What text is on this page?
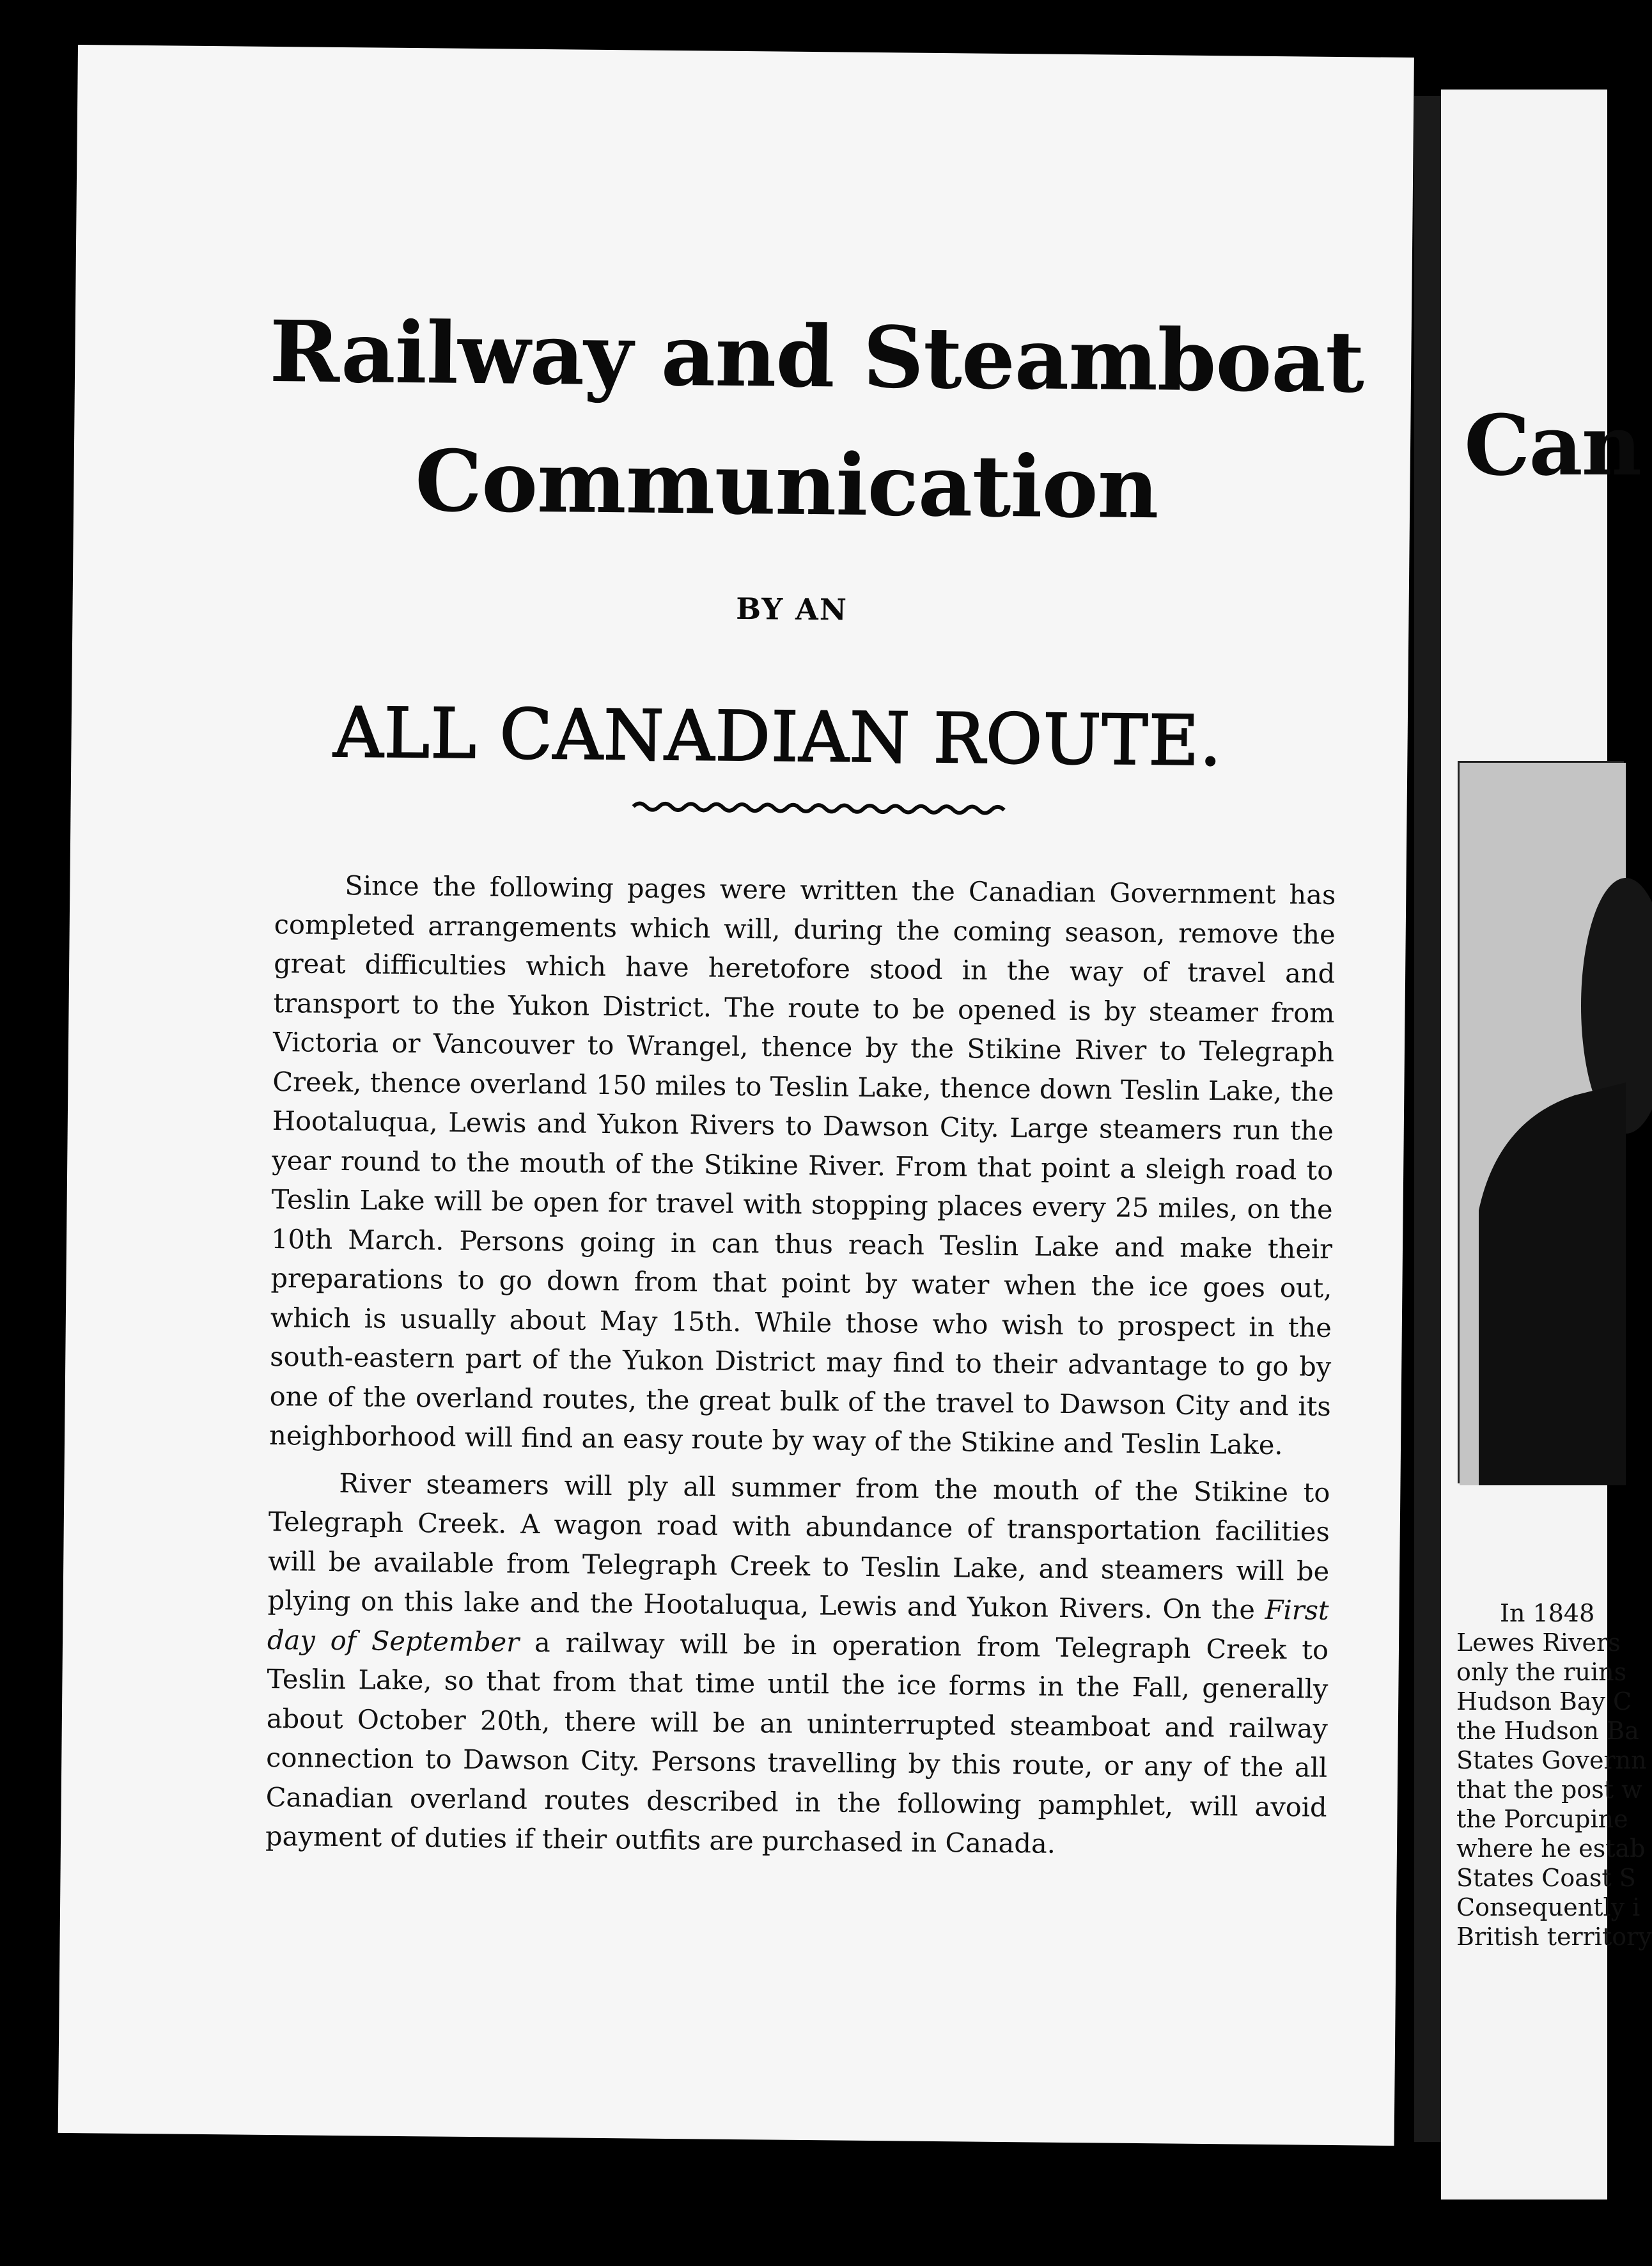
Railway and Steamboat
Communication
BY AN
ALL CANADIAN ROUTE.

Since the following pages were written the Canadian Government has completed arrangements which will, during the coming season, remove the great difficulties which have heretofore stood in the way of travel and transport to the Yukon District. The route to be opened is by steamer from Victoria or Vancouver to Wrangel, thence by the Stikine River to Telegraph Creek, thence overland 150 miles to Teslin Lake, thence down Teslin Lake, the Hootaluqua, Lewis and Yukon Rivers to Dawson City. Large steamers run the year round to the mouth of the Stikine River. From that point a sleigh road to Teslin Lake will be open for travel with stopping places every 25 miles, on the 10th March. Persons going in can thus reach Teslin Lake and make their preparations to go down from that point by water when the ice goes out, which is usually about May 15th. While those who wish to prospect in the south-eastern part of the Yukon District may find to their advantage to go by one of the overland routes, the great bulk of the travel to Dawson City and its neighborhood will find an easy route by way of the Stikine and Teslin Lake.

River steamers will ply all summer from the mouth of the Stikine to Telegraph Creek. A wagon road with abundance of transportation facilities will be available from Telegraph Creek to Teslin Lake, and steamers will be plying on this lake and the Hootaluqua, Lewis and Yukon Rivers. On the First day of September a railway will be in operation from Telegraph Creek to Teslin Lake, so that from that time until the ice forms in the Fall, generally about October 20th, there will be an uninterrupted steamboat and railway connection to Dawson City. Persons travelling by this route, or any of the all Canadian overland routes described in the following pamphlet, will avoid payment of duties if their outfits are purchased in Canada.

Can
In 1848
Lewes Rivers
only the ruins
Hudson Bay C
the Hudson Ba
States Governn
that the post w
the Porcupine
where he estab
States Coast S
Consequently i
British territory
